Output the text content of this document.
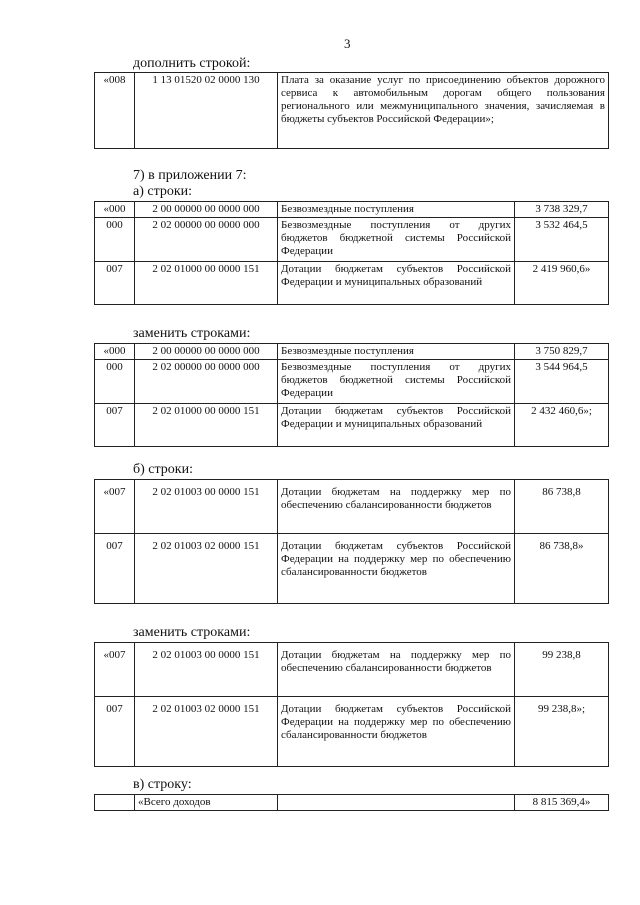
3
дополнить строкой:
«008	1 13 01520 02 0000 130	Плата за оказание услуг по присоединению объектов дорожного сервиса к автомобильным дорогам общего пользования регионального или межмуниципального значения, зачисляемая в бюджеты субъектов Российской Федерации»;
7) в приложении 7:
а) строки:
«000	2 00 00000 00 0000 000	Безвозмездные поступления	3 738 329,7
000	2 02 00000 00 0000 000	Безвозмездные поступления от других бюджетов бюджетной системы Российской Федерации	3 532 464,5
007	2 02 01000 00 0000 151	Дотации бюджетам субъектов Российской Федерации и муниципальных образований	2 419 960,6»
заменить строками:
«000	2 00 00000 00 0000 000	Безвозмездные поступления	3 750 829,7
000	2 02 00000 00 0000 000	Безвозмездные поступления от других бюджетов бюджетной системы Российской Федерации	3 544 964,5
007	2 02 01000 00 0000 151	Дотации бюджетам субъектов Российской Федерации и муниципальных образований	2 432 460,6»;
б) строки:
«007	2 02 01003 00 0000 151	Дотации бюджетам на поддержку мер по обеспечению сбалансированности бюджетов	86 738,8
007	2 02 01003 02 0000 151	Дотации бюджетам субъектов Российской Федерации на поддержку мер по обеспечению сбалансированности бюджетов	86 738,8»
заменить строками:
«007	2 02 01003 00 0000 151	Дотации бюджетам на поддержку мер по обеспечению сбалансированности бюджетов	99 238,8
007	2 02 01003 02 0000 151	Дотации бюджетам субъектов Российской Федерации на поддержку мер по обеспечению сбалансированности бюджетов	99 238,8»;
в) строку:
	«Всего доходов		8 815 369,4»
